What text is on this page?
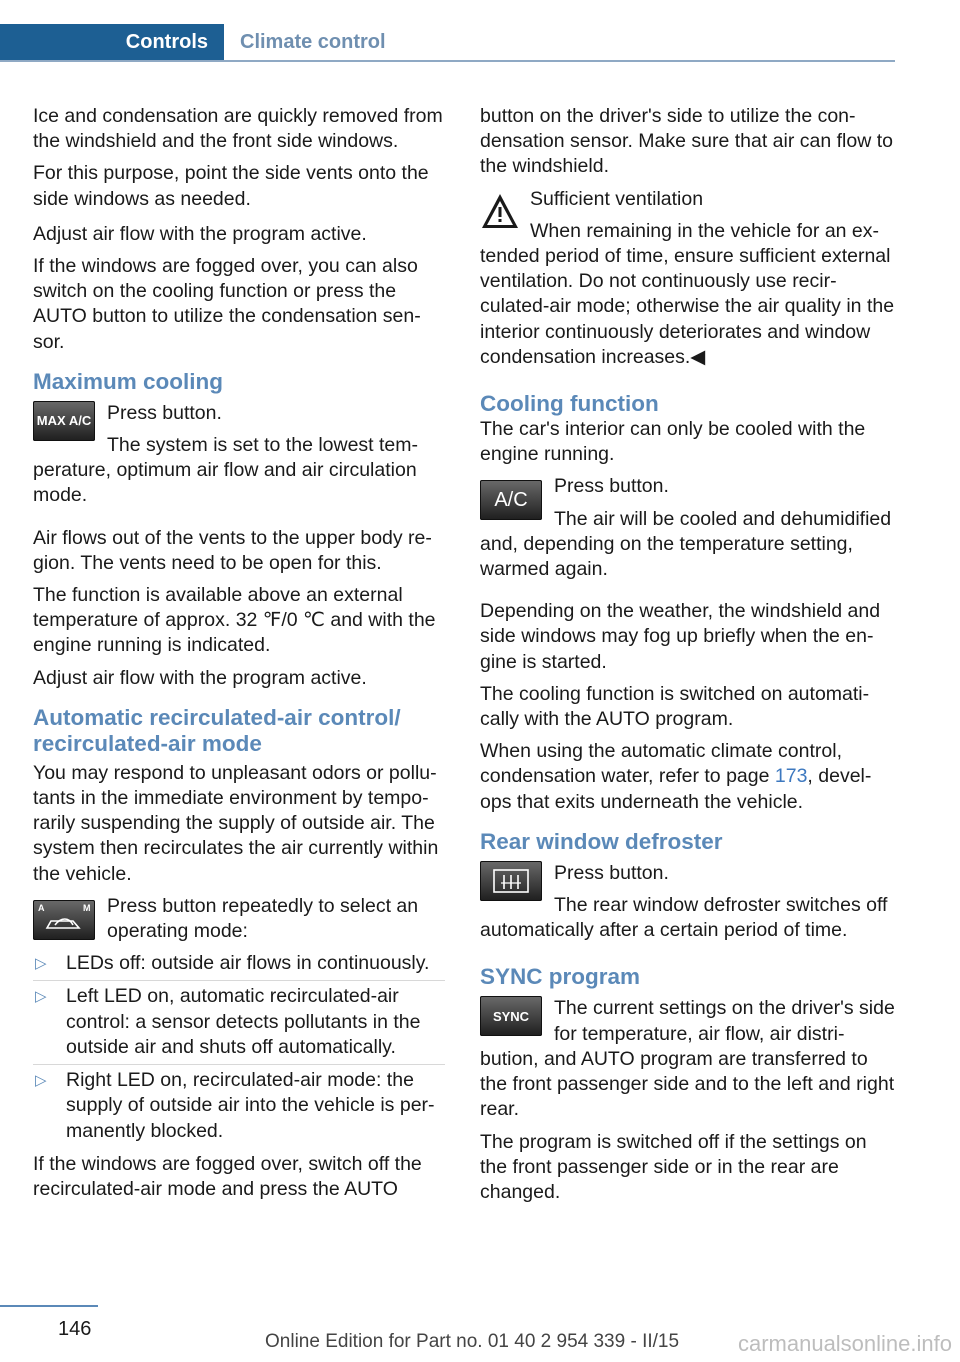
Controls	Climate control

Ice and condensation are quickly removed from the windshield and the front side windows.

For this purpose, point the side vents onto the side windows as needed.

Adjust air flow with the program active.

If the windows are fogged over, you can also switch on the cooling function or press the AUTO button to utilize the condensation sensor.

Maximum cooling
MAX A/C Press button.

The system is set to the lowest temperature, optimum air flow and air circulation mode.

Air flows out of the vents to the upper body region. The vents need to be open for this.

The function is available above an external temperature of approx. 32 ℉/0 ℃ and with the engine running is indicated.

Adjust air flow with the program active.

Automatic recirculated-air control/ recirculated-air mode

You may respond to unpleasant odors or pollutants in the immediate environment by temporarily suspending the supply of outside air. The system then recirculates the air currently within the vehicle.

A	M Press button repeatedly to select an operating mode:

▷ LEDs off: outside air flows in continuously.
▷ Left LED on, automatic recirculated-air control: a sensor detects pollutants in the outside air and shuts off automatically.
▷ Right LED on, recirculated-air mode: the supply of outside air into the vehicle is permanently blocked.

If the windows are fogged over, switch off the recirculated-air mode and press the AUTO

button on the driver's side to utilize the condensation sensor. Make sure that air can flow to the windshield.

Sufficient ventilation

When remaining in the vehicle for an extended period of time, ensure sufficient external ventilation. Do not continuously use recirculated-air mode; otherwise the air quality in the interior continuously deteriorates and window condensation increases.◀

Cooling function

The car's interior can only be cooled with the engine running.

A/C

Press button.

The air will be cooled and dehumidified and, depending on the temperature setting, warmed again.

Depending on the weather, the windshield and side windows may fog up briefly when the engine is started.

The cooling function is switched on automatically with the AUTO program.

When using the automatic climate control, condensation water, refer to page 173, develops that exits underneath the vehicle.

Rear window defroster

Press button.

The rear window defroster switches off automatically after a certain period of time.

SYNC program
SYNC	The current settings on the driver's side for temperature, air flow, air distribution, and AUTO program are transferred to the front passenger side and to the left and right rear.

The program is switched off if the settings on the front passenger side or in the rear are changed.

146
Online Edition for Part no. 01 40 2 954 339 - II/15	carmanualsonline.info
